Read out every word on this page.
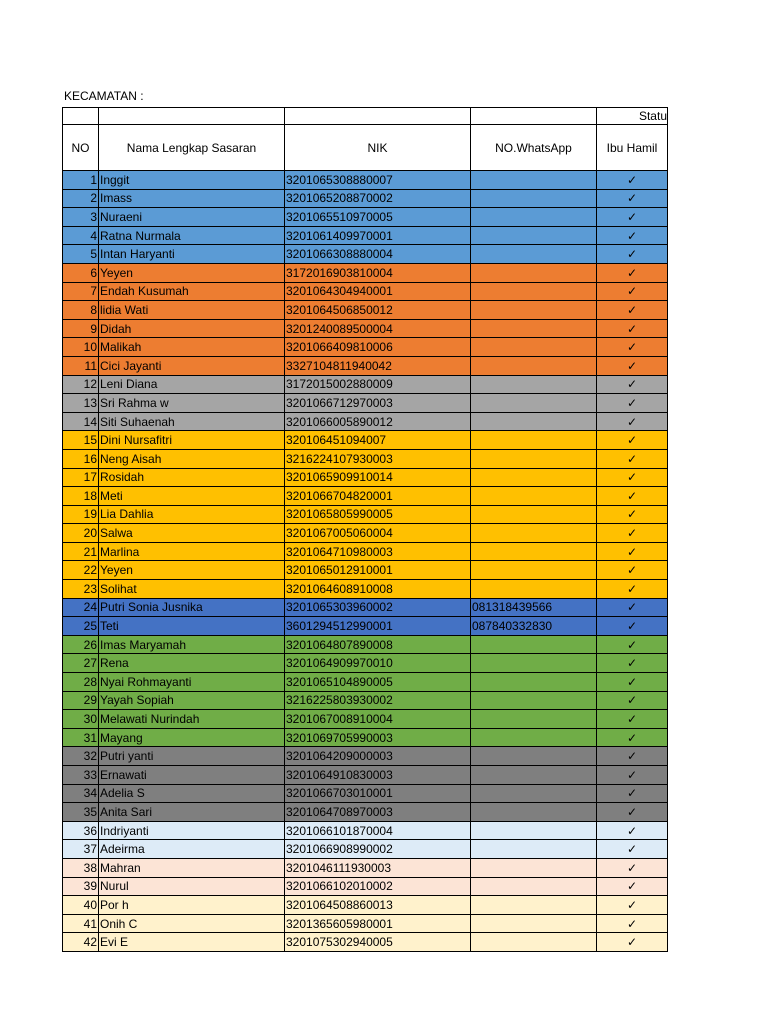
KECAMATAN :
				Statu
NO	Nama Lengkap Sasaran	NIK	NO.WhatsApp	Ibu Hamil
1	Inggit	3201065308880007		✓
2	Imass	3201065208870002		✓
3	Nuraeni	3201065510970005		✓
4	Ratna Nurmala	3201061409970001		✓
5	Intan Haryanti	3201066308880004		✓
6	Yeyen	3172016903810004		✓
7	Endah Kusumah	3201064304940001		✓
8	lidia Wati	3201064506850012		✓
9	Didah	3201240089500004		✓
10	Malikah	3201066409810006		✓
11	Cici Jayanti	3327104811940042		✓
12	Leni Diana	3172015002880009		✓
13	Sri Rahma w	3201066712970003		✓
14	Siti Suhaenah	3201066005890012		✓
15	Dini Nursafitri	320106451094007		✓
16	Neng Aisah	3216224107930003		✓
17	Rosidah	3201065909910014		✓
18	Meti	3201066704820001		✓
19	Lia Dahlia	3201065805990005		✓
20	Salwa	3201067005060004		✓
21	Marlina	3201064710980003		✓
22	Yeyen	3201065012910001		✓
23	Solihat	3201064608910008		✓
24	Putri Sonia Jusnika	3201065303960002	081318439566	✓
25	Teti	3601294512990001	087840332830	✓
26	Imas Maryamah	3201064807890008		✓
27	Rena	3201064909970010		✓
28	Nyai Rohmayanti	3201065104890005		✓
29	Yayah Sopiah	3216225803930002		✓
30	Melawati Nurindah	3201067008910004		✓
31	Mayang	3201069705990003		✓
32	Putri yanti	3201064209000003		✓
33	Ernawati	3201064910830003		✓
34	Adelia S	3201066703010001		✓
35	Anita Sari	3201064708970003		✓
36	Indriyanti	3201066101870004		✓
37	Adeirma	3201066908990002		✓
38	Mahran	3201046111930003		✓
39	Nurul	3201066102010002		✓
40	Por h	3201064508860013		✓
41	Onih C	3201365605980001		✓
42	Evi E	3201075302940005		✓
